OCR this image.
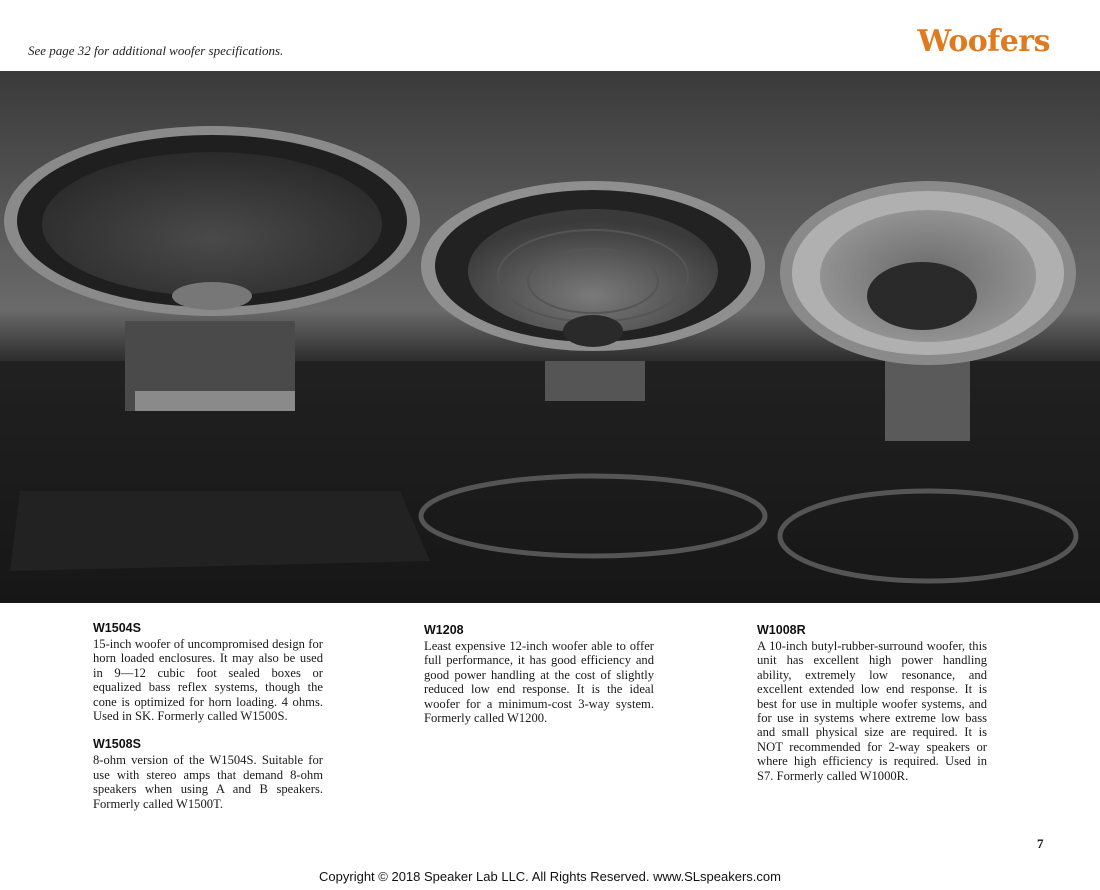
See page 32 for additional woofer specifications.	Woofers
W1504S

15-inch woofer of uncompromised design for horn loaded enclosures. It may also be used in 9—12 cubic foot sealed boxes or equalized bass reflex systems, though the cone is optimized for horn loading. 4 ohms. Used in SK. Formerly called W1500S.

W1508S

8-ohm version of the W1504S. Suitable for use with stereo amps that demand 8-ohm speakers when using A and B speakers. Formerly called W1500T.

W1208

Least expensive 12-inch woofer able to offer full performance, it has good efficiency and good power handling at the cost of slightly reduced low end response. It is the ideal woofer for a minimum-cost 3-way system. Formerly called W1200.

W1008R

A 10-inch butyl-rubber-surround woofer, this unit has excellent high power handling ability, extremely low resonance, and excellent extended low end response. It is best for use in multiple woofer systems, and for use in systems where extreme low bass and small physical size are required. It is NOT recommended for 2-way speakers or where high efficiency is required. Used in S7. Formerly called W1000R.

7
Copyright © 2018 Speaker Lab LLC. All Rights Reserved. www.SLspeakers.com
